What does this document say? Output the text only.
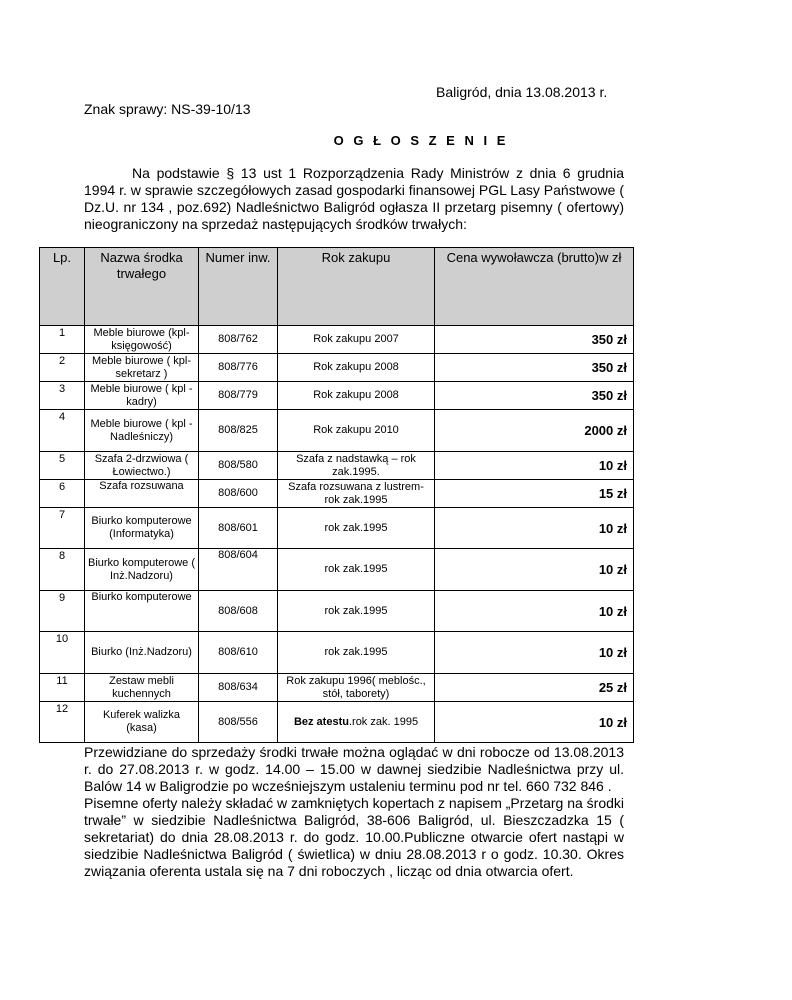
Baligród, dnia 13.08.2013 r.
Znak sprawy: NS-39-10/13
O G Ł O S Z E N I E
Na podstawie § 13 ust 1 Rozporządzenia Rady Ministrów z dnia 6 grudnia 1994 r. w sprawie szczegółowych zasad gospodarki finansowej PGL Lasy Państwowe ( Dz.U. nr 134 , poz.692) Nadleśnictwo Baligród ogłasza II przetarg pisemny ( ofertowy) nieograniczony na sprzedaż następujących środków trwałych:
Lp.	Nazwa środka trwałego	Numer inw.	Rok zakupu	Cena wywoławcza (brutto)w zł
1	Meble biurowe (kpl-księgowość)	808/762	Rok zakupu 2007	350 zł
2	Meble biurowe ( kpl- sekretarz )	808/776	Rok zakupu 2008	350 zł
3	Meble biurowe ( kpl - kadry)	808/779	Rok zakupu 2008	350 zł
4	Meble biurowe ( kpl - Nadleśniczy)	808/825	Rok zakupu 2010	2000 zł
5	Szafa 2-drzwiowa ( Łowiectwo.)	808/580	Szafa z nadstawką – rok zak.1995.	10 zł
6	Szafa rozsuwana	808/600	Szafa rozsuwana z lustrem-rok zak.1995	15 zł
7	Biurko komputerowe (Informatyka)	808/601	rok zak.1995	10 zł
8	Biurko komputerowe ( Inż.Nadzoru)	808/604	rok zak.1995	10 zł
9	Biurko komputerowe	808/608	rok zak.1995	10 zł
10	Biurko (Inż.Nadzoru)	808/610	rok zak.1995	10 zł
11	Zestaw mebli kuchennych	808/634	Rok zakupu 1996( meblośc., stół, taborety)	25 zł
12	Kuferek walizka (kasa)	808/556	Bez atestu.rok zak. 1995	10 zł

Przewidziane do sprzedaży środki trwałe można oglądać w dni robocze od 13.08.2013 r. do 27.08.2013 r. w godz. 14.00 – 15.00 w dawnej siedzibie Nadleśnictwa przy ul. Balów 14 w Baligrodzie po wcześniejszym ustaleniu terminu pod nr tel. 660 732 846 .

Pisemne oferty należy składać w zamkniętych kopertach z napisem „Przetarg na środki trwałe” w siedzibie Nadleśnictwa Baligród, 38-606 Baligród, ul. Bieszczadzka 15 ( sekretariat) do dnia 28.08.2013 r. do godz. 10.00.Publiczne otwarcie ofert nastąpi w siedzibie Nadleśnictwa Baligród ( świetlica) w dniu 28.08.2013 r o godz. 10.30. Okres związania oferenta ustala się na 7 dni roboczych , licząc od dnia otwarcia ofert.
